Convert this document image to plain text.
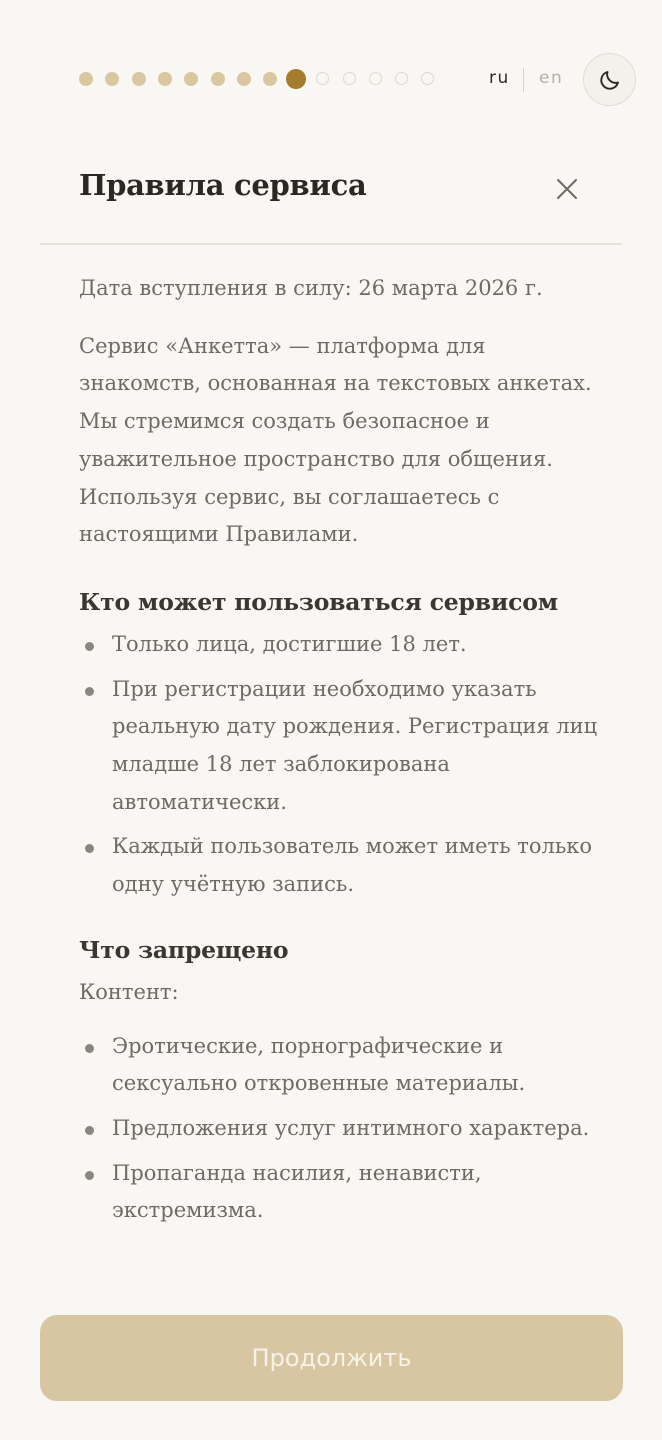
ru en
Правила сервиса

Дата вступления в силу: 26 марта 2026 г.

Сервис «Анкетта» — платформа для знакомств, основанная на текстовых анкетах. Мы стремимся создать безопасное и уважительное пространство для общения. Используя сервис, вы соглашаетесь с настоящими Правилами.

Кто может пользоваться сервисом
Только лица, достигшие 18 лет.
При регистрации необходимо указать реальную дату рождения. Регистрация лиц младше 18 лет заблокирована автоматически.
Каждый пользователь может иметь только одну учётную запись.
Что запрещено

Контент:

Эротические, порнографические и сексуально откровенные материалы.
Предложения услуг интимного характера.
Пропаганда насилия, ненависти, экстремизма.
Продолжить
